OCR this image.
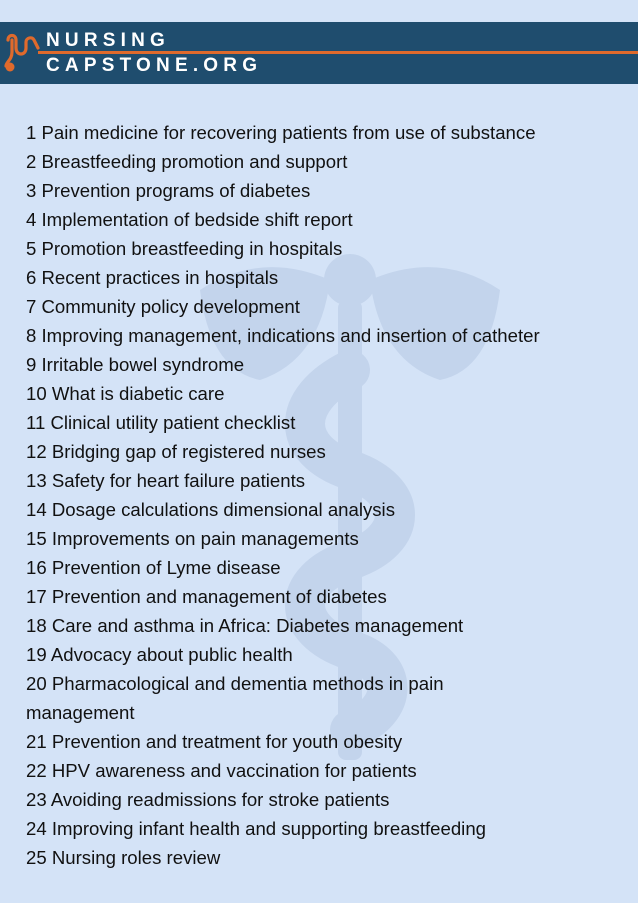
NURSING
CAPSTONE.ORG
1 Pain medicine for recovering patients from use of substance
2 Breastfeeding promotion and support
3 Prevention programs of diabetes
4 Implementation of bedside shift report
5 Promotion breastfeeding in hospitals
6 Recent practices in hospitals
7 Community policy development
8 Improving management, indications and insertion of catheter
9 Irritable bowel syndrome
10 What is diabetic care
11 Clinical utility patient checklist
12 Bridging gap of registered nurses
13 Safety for heart failure patients
14 Dosage calculations dimensional analysis
15 Improvements on pain managements
16 Prevention of Lyme disease
17 Prevention and management of diabetes
18 Care and asthma in Africa: Diabetes management
19 Advocacy about public health
20 Pharmacological and dementia methods in pain management
21 Prevention and treatment for youth obesity
22 HPV awareness and vaccination for patients
23 Avoiding readmissions for stroke patients
24 Improving infant health and supporting breastfeeding
25 Nursing roles review
